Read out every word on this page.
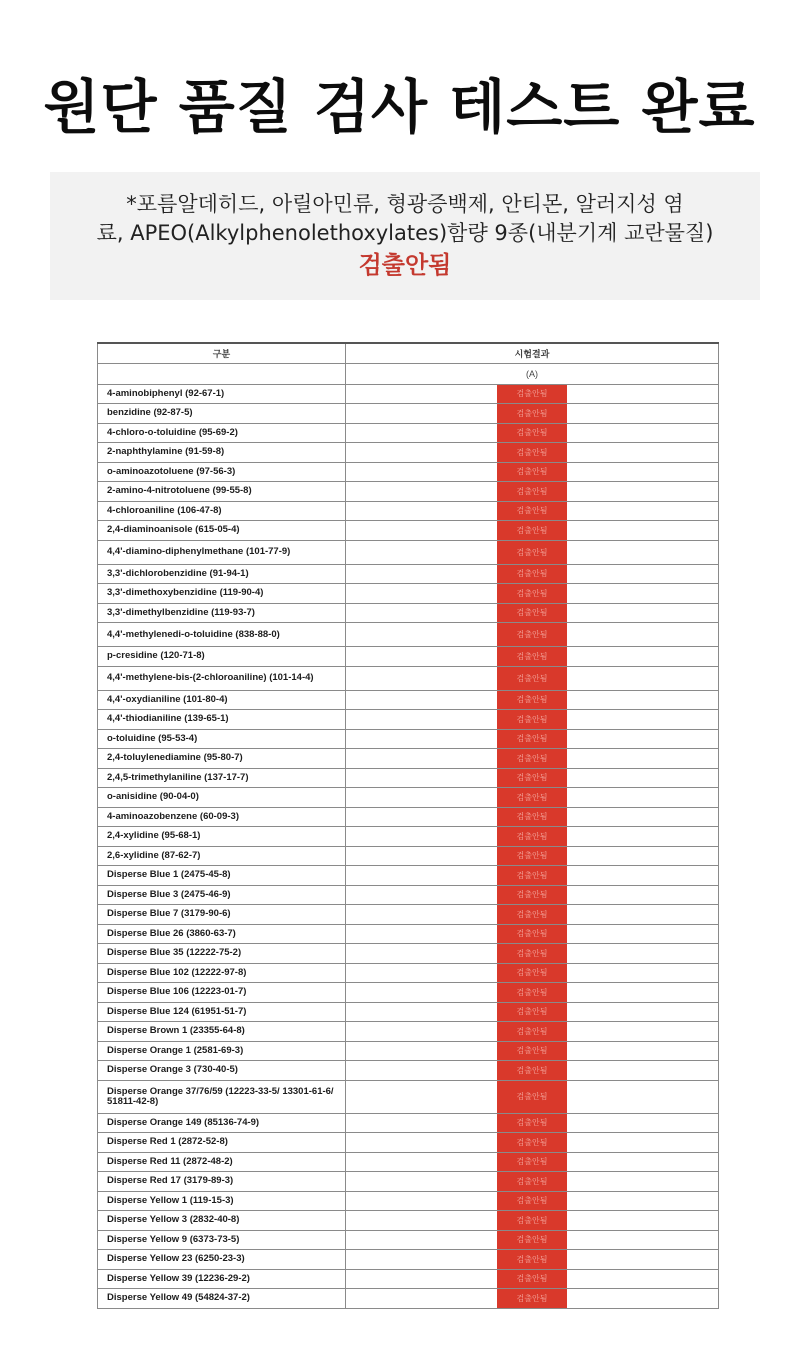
원단 품질 검사 테스트 완료
*포름알데히드, 아릴아민류, 형광증백제, 안티몬, 알러지성 염
료, APEO(Alkylphenolethoxylates)함량 9종(내분기계 교란물질)
검출안됨
구분	시험결과
	(A)
4-aminobiphenyl (92-67-1)	검출안됨

benzidine (92-87-5)	검출안됨

4-chloro-o-toluidine (95-69-2)	검출안됨

2-naphthylamine (91-59-8)	검출안됨

o-aminoazotoluene (97-56-3)	검출안됨

2-amino-4-nitrotoluene (99-55-8)	검출안됨

4-chloroaniline (106-47-8)	검출안됨

2,4-diaminoanisole (615-05-4)	검출안됨

4,4'-diamino-diphenylmethane (101-77-9)	검출안됨

3,3'-dichlorobenzidine (91-94-1)	검출안됨

3,3'-dimethoxybenzidine (119-90-4)	검출안됨

3,3'-dimethylbenzidine (119-93-7)	검출안됨

4,4'-methylenedi-o-toluidine (838-88-0)	검출안됨

p-cresidine (120-71-8)	검출안됨

4,4'-methylene-bis-(2-chloroaniline) (101-14-4)	검출안됨

4,4'-oxydianiline (101-80-4)	검출안됨

4,4'-thiodianiline (139-65-1)	검출안됨

o-toluidine (95-53-4)	검출안됨

2,4-toluylenediamine (95-80-7)	검출안됨

2,4,5-trimethylaniline (137-17-7)	검출안됨

o-anisidine (90-04-0)	검출안됨

4-aminoazobenzene (60-09-3)	검출안됨

2,4-xylidine (95-68-1)	검출안됨

2,6-xylidine (87-62-7)	검출안됨

Disperse Blue 1 (2475-45-8)	검출안됨

Disperse Blue 3 (2475-46-9)	검출안됨

Disperse Blue 7 (3179-90-6)	검출안됨

Disperse Blue 26 (3860-63-7)	검출안됨

Disperse Blue 35 (12222-75-2)	검출안됨

Disperse Blue 102 (12222-97-8)	검출안됨

Disperse Blue 106 (12223-01-7)	검출안됨

Disperse Blue 124 (61951-51-7)	검출안됨

Disperse Brown 1 (23355-64-8)	검출안됨

Disperse Orange 1 (2581-69-3)	검출안됨

Disperse Orange 3 (730-40-5)	검출안됨

Disperse Orange 37/76/59 (12223-33-5/ 13301-61-6/ 51811-42-8)	검출안됨

Disperse Orange 149 (85136-74-9)	검출안됨

Disperse Red 1 (2872-52-8)	검출안됨

Disperse Red 11 (2872-48-2)	검출안됨

Disperse Red 17 (3179-89-3)	검출안됨

Disperse Yellow 1 (119-15-3)	검출안됨

Disperse Yellow 3 (2832-40-8)	검출안됨

Disperse Yellow 9 (6373-73-5)	검출안됨

Disperse Yellow 23 (6250-23-3)	검출안됨

Disperse Yellow 39 (12236-29-2)	검출안됨

Disperse Yellow 49 (54824-37-2)	검출안됨
